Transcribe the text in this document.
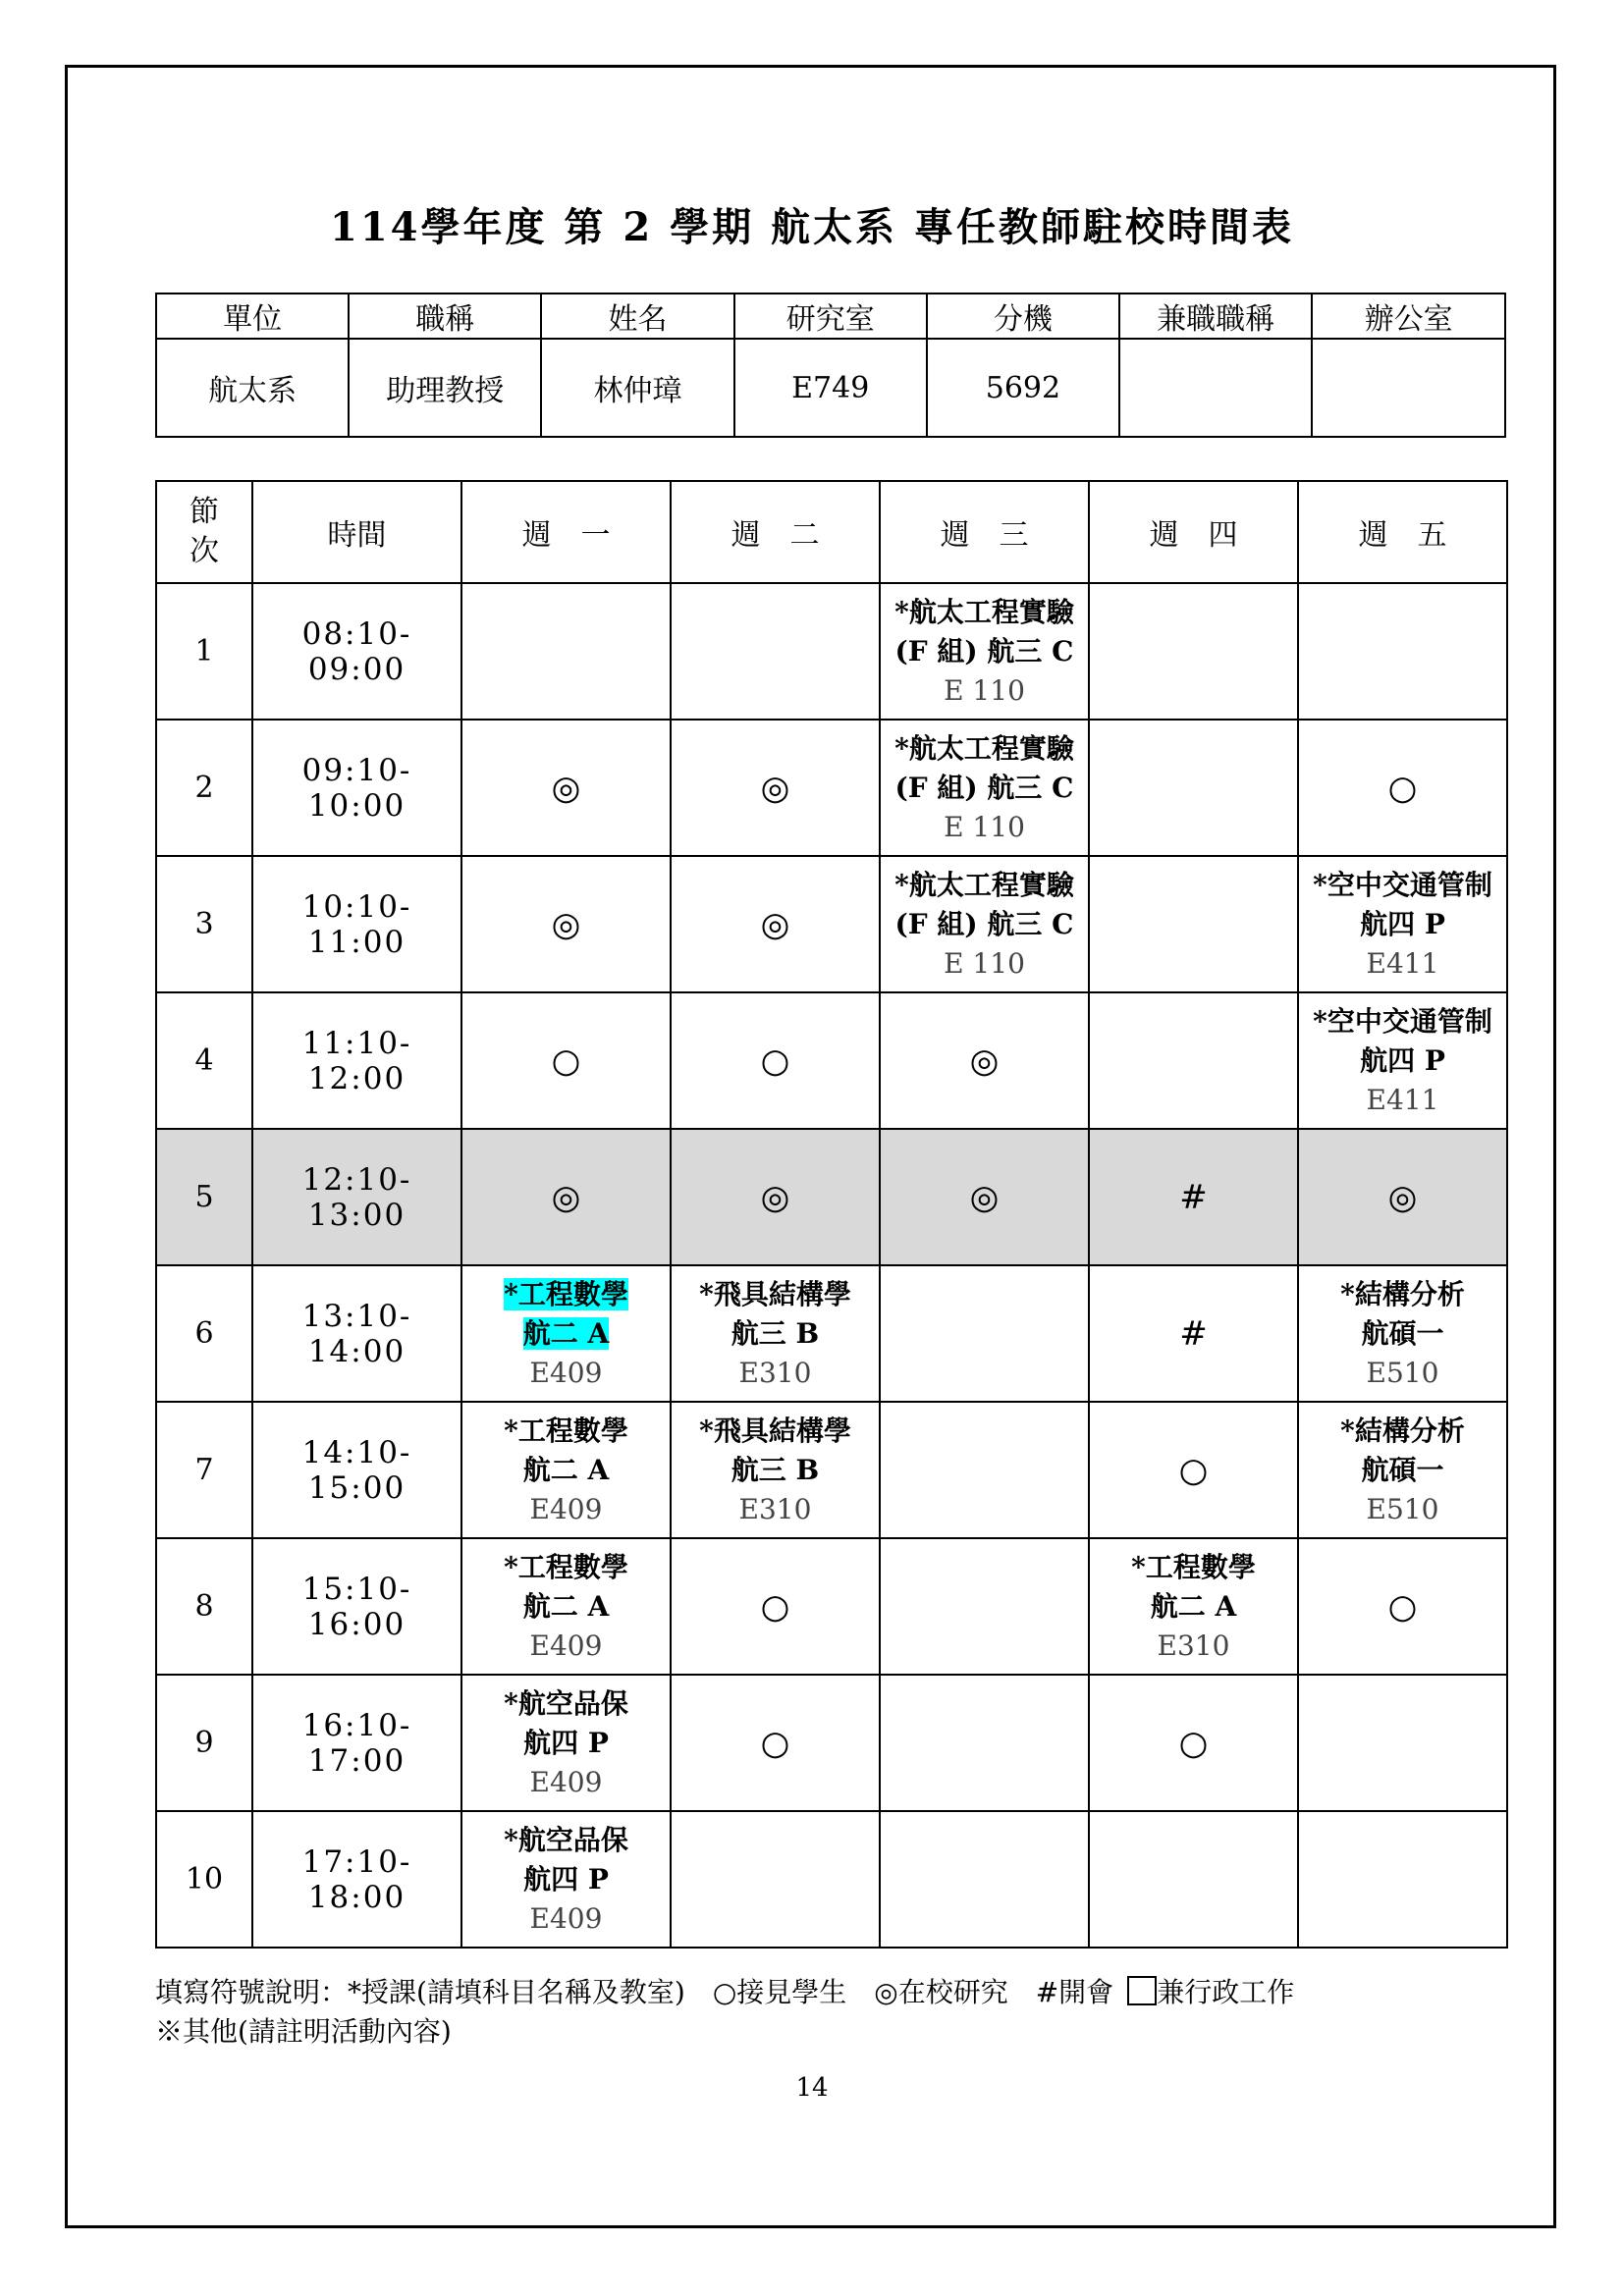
114學年度 第 2 學期 航太系 專任教師駐校時間表
單位	職稱	姓名	研究室	分機	兼職職稱	辦公室
航太系	助理教授	林仲璋	E749	5692		
節
次	時間	週　一	週　二	週　三	週　四	週　五
1	08:10-09:00			*航太工程實驗
(F 組) 航三 C
E 110		

2	09:10-10:00	◎	◎	*航太工程實驗
(F 組) 航三 C
E 110		○
3	10:10-11:00	◎	◎	*航太工程實驗
(F 組) 航三 C
E 110		*空中交通管制
航四 P
E411

4	11:10-12:00	○	○	◎		*空中交通管制
航四 P
E411

5	12:10-13:00	◎	◎	◎	#	◎
6	13:10-14:00	*工程數學
航二 A
E409	*飛具結構學
航三 B
E310		#	*結構分析
航碩一
E510

7	14:10-15:00	*工程數學
航二 A
E409	*飛具結構學
航三 B
E310		○	*結構分析
航碩一
E510

8	15:10-16:00	*工程數學
航二 A
E409	○		*工程數學
航二 A
E310	○
9	16:10-17:00	*航空品保
航四 P
E409	○		○	
10	17:10-18:00	*航空品保
航四 P
E409				

填寫符號說明：*授課(請填科目名稱及教室)　○接見學生　◎在校研究　#開會 兼行政工作
※其他(請註明活動內容)
14
